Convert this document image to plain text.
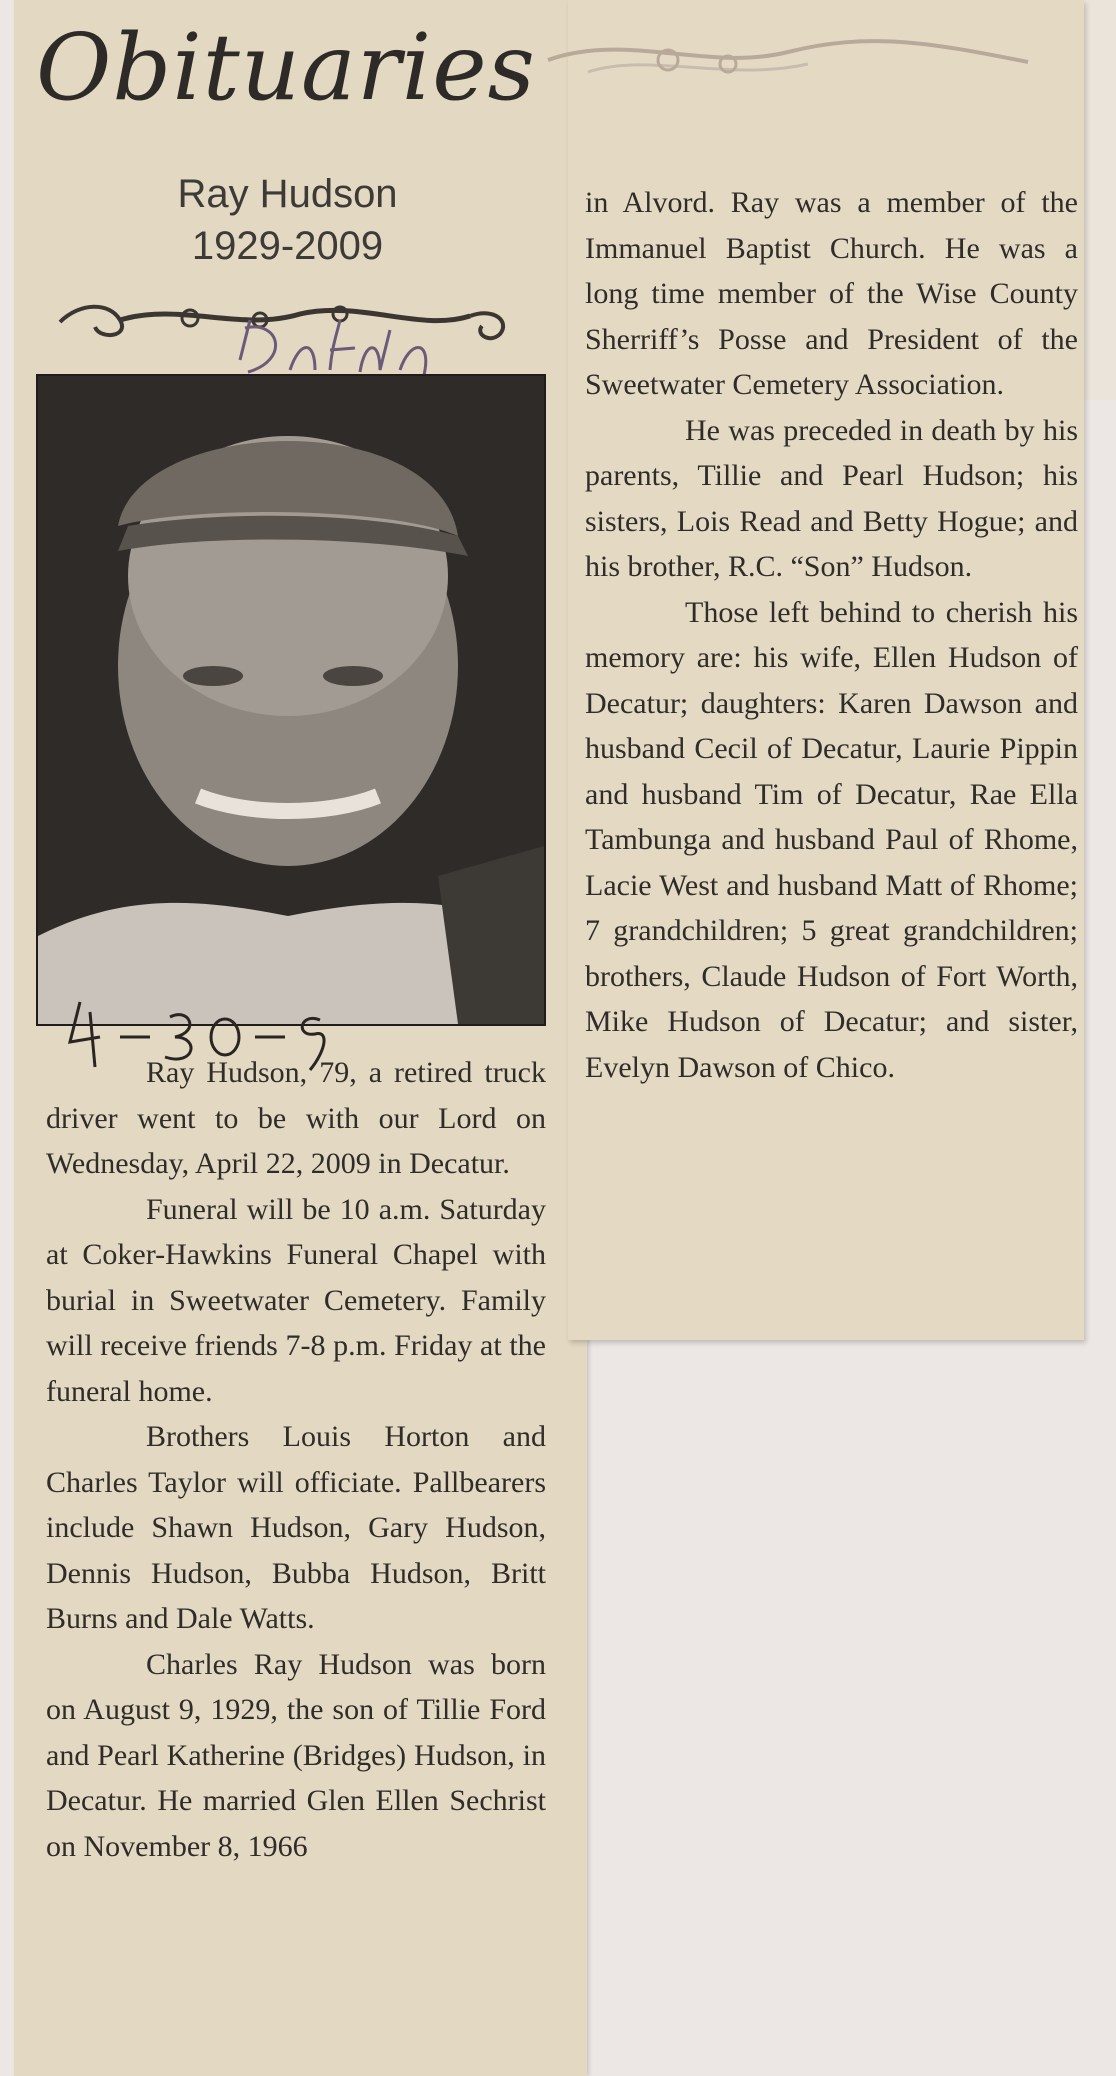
Obituaries
Ray Hudson
1929-2009

Ray Hudson, 79, a retired truck driver went to be with our Lord on Wednesday, April 22, 2009 in Decatur.

Funeral will be 10 a.m. Saturday at Coker-Hawkins Funeral Chapel with burial in Sweetwater Cemetery. Family will receive friends 7-8 p.m. Friday at the funeral home.

Brothers Louis Horton and Charles Taylor will officiate. Pallbearers include Shawn Hudson, Gary Hudson, Dennis Hudson, Bubba Hudson, Britt Burns and Dale Watts.

Charles Ray Hudson was born on August 9, 1929, the son of Tillie Ford and Pearl Katherine (Bridges) Hudson, in Decatur. He married Glen Ellen Sechrist on November 8, 1966

in Alvord. Ray was a member of the Immanuel Baptist Church. He was a long time member of the Wise County Sherriff’s Posse and President of the Sweetwater Cemetery Association.

He was preceded in death by his parents, Tillie and Pearl Hudson; his sisters, Lois Read and Betty Hogue; and his brother, R.C. “Son” Hudson.

Those left behind to cherish his memory are: his wife, Ellen Hudson of Decatur; daughters: Karen Dawson and husband Cecil of Decatur, Laurie Pippin and husband Tim of Decatur, Rae Ella Tambunga and husband Paul of Rhome, Lacie West and husband Matt of Rhome; 7 grandchildren; 5 great grandchildren; brothers, Claude Hudson of Fort Worth, Mike Hudson of Decatur; and sister, Evelyn Dawson of Chico.
